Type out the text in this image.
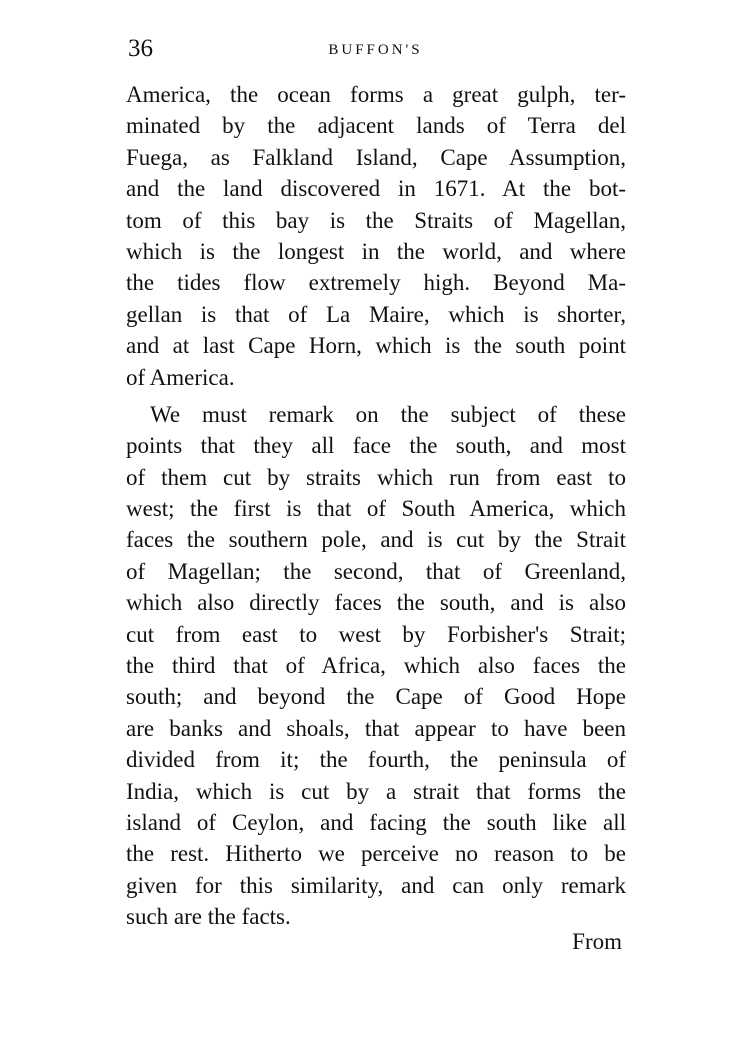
36	BUFFON'S
America, the ocean forms a great gulph, ter-
minated by the adjacent lands of Terra del
Fuega, as Falkland Island, Cape Assumption,
and the land discovered in 1671. At the bot-
tom of this bay is the Straits of Magellan,
which is the longest in the world, and where
the tides flow extremely high. Beyond Ma-
gellan is that of La Maire, which is shorter,
and at last Cape Horn, which is the south point
of America.
We must remark on the subject of these
points that they all face the south, and most
of them cut by straits which run from east to
west; the first is that of South America, which
faces the southern pole, and is cut by the Strait
of Magellan; the second, that of Greenland,
which also directly faces the south, and is also
cut from east to west by Forbisher's Strait;
the third that of Africa, which also faces the
south; and beyond the Cape of Good Hope
are banks and shoals, that appear to have been
divided from it; the fourth, the peninsula of
India, which is cut by a strait that forms the
island of Ceylon, and facing the south like all
the rest. Hitherto we perceive no reason to be
given for this similarity, and can only remark
such are the facts.
From
